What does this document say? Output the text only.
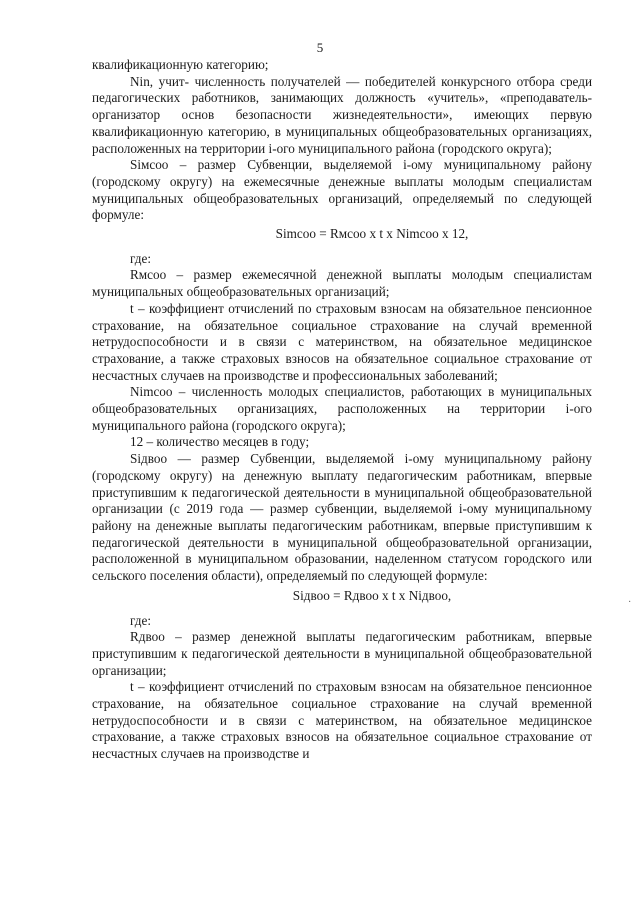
5

квалификационную категорию;

Nin, учит- численность получателей — победителей конкурсного отбора среди педагогических работников, занимающих должность «учитель», «преподаватель-организатор основ безопасности жизнедеятельности», имеющих первую квалификационную категорию, в муниципальных общеобразовательных организациях, расположенных на территории i-ого муниципального района (городского округа);

Siмсоо – размер Субвенции, выделяемой i-ому муниципальному району (городскому округу) на ежемесячные денежные выплаты молодым специалистам муниципальных общеобразовательных организаций, определяемый по следующей формуле:

Simсоо = Rмсоо x t x Nimсоо x 12,

где:

Rмсоо – размер ежемесячной денежной выплаты молодым специалистам муниципальных общеобразовательных организаций;

t – коэффициент отчислений по страховым взносам на обязательное пенсионное страхование, на обязательное социальное страхование на случай временной нетрудоспособности и в связи с материнством, на обязательное медицинское страхование, а также страховых взносов на обязательное социальное страхование от несчастных случаев на производстве и профессиональных заболеваний;

Nimсоо – численность молодых специалистов, работающих в муниципальных общеобразовательных организациях, расположенных на территории i-ого муниципального района (городского округа);

12 – количество месяцев в году;

Siдвоо — размер Субвенции, выделяемой i-ому муниципальному району (городскому округу) на денежную выплату педагогическим работникам, впервые приступившим к педагогической деятельности в муниципальной общеобразовательной организации (с 2019 года — размер субвенции, выделяемой i-ому муниципальному району на денежные выплаты педагогическим работникам, впервые приступившим к педагогической деятельности в муниципальной общеобразовательной организации, расположенной в муниципальном образовании, наделенном статусом городского или сельского поселения области), определяемый по следующей формуле:

Siдвоо = Rдвоо x t x Niдвоо,

где:

Rдвоо – размер денежной выплаты педагогическим работникам, впервые приступившим к педагогической деятельности в муниципальной общеобразовательной организации;

t – коэффициент отчислений по страховым взносам на обязательное пенсионное страхование, на обязательное социальное страхование на случай временной нетрудоспособности и в связи с материнством, на обязательное медицинское страхование, а также страховых взносов на обязательное социальное страхование от несчастных случаев на производстве и

·
